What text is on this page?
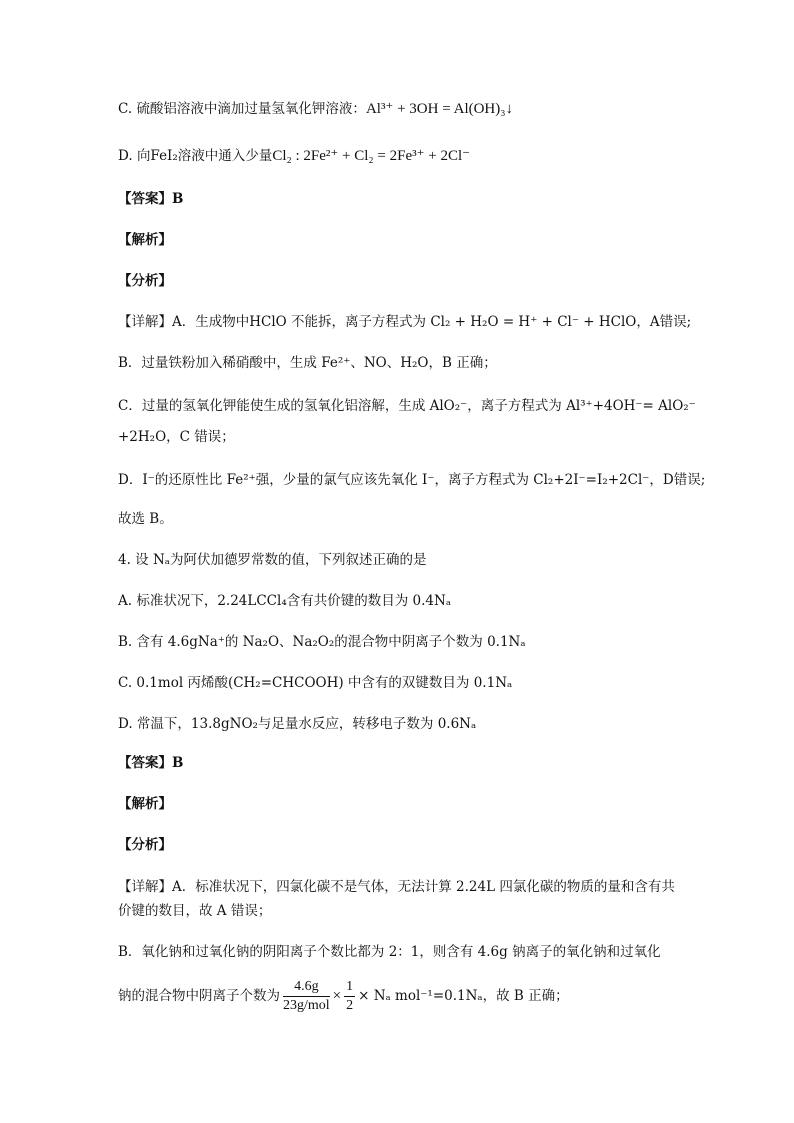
C. 硫酸铝溶液中滴加过量氢氧化钾溶液：Al³⁺ + 3OH = Al(OH)₃↓
D. 向FeI₂溶液中通入少量Cl₂ : 2Fe²⁺ + Cl₂ = 2Fe³⁺ + 2Cl⁻
【答案】B
【解析】
【分析】
【详解】A．生成物中HClO 不能拆，离子方程式为 Cl₂ + H₂O = H⁺ + Cl⁻ + HClO，A错误;
B．过量铁粉加入稀硝酸中，生成 Fe²⁺、NO、H₂O，B 正确；
C．过量的氢氧化钾能使生成的氢氧化铝溶解，生成 AlO₂⁻，离子方程式为 Al³⁺+4OH⁻= AlO₂⁻
+2H₂O，C 错误；
D．I⁻的还原性比 Fe²⁺强，少量的氯气应该先氧化 I⁻，离子方程式为 Cl₂+2I⁻=I₂+2Cl⁻，D错误;
故选 B。
4. 设 Nₐ为阿伏加德罗常数的值，下列叙述正确的是
A. 标准状况下，2.24LCCl₄含有共价键的数目为 0.4Nₐ
B. 含有 4.6gNa⁺的 Na₂O、Na₂O₂的混合物中阴离子个数为 0.1Nₐ
C. 0.1mol 丙烯酸(CH₂=CHCOOH) 中含有的双键数目为 0.1Nₐ
D. 常温下，13.8gNO₂与足量水反应，转移电子数为 0.6Nₐ
【答案】B
【解析】
【分析】
【详解】A．标准状况下，四氯化碳不是气体，无法计算 2.24L 四氯化碳的物质的量和含有共价键的数目，故 A 错误；
B．氧化钠和过氧化钠的阴阳离子个数比都为 2：1，则含有 4.6g 钠离子的氧化钠和过氧化
钠的混合物中阴离子个数为 $\frac{4.6g}{\text{23g/mol}} \times \frac{1}{2} \times N_a$ mol⁻¹=0.1Nₐ，故 B 正确；
